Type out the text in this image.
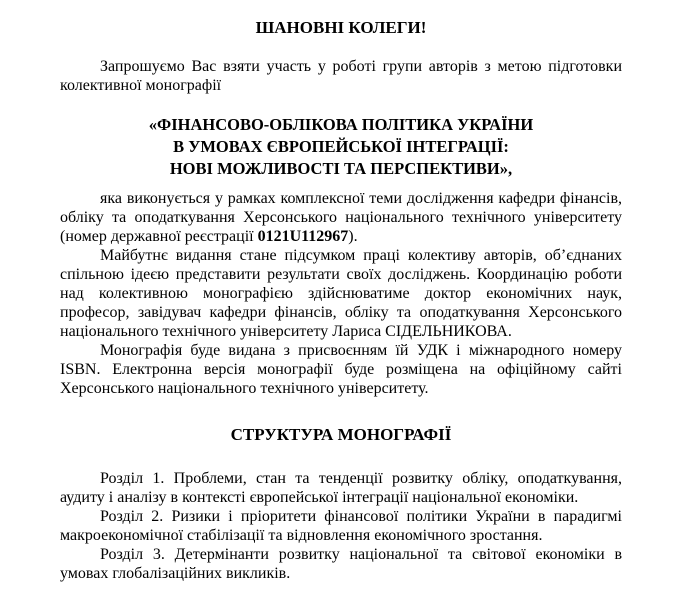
ШАНОВНІ КОЛЕГИ!

Запрошуємо Вас взяти участь у роботі групи авторів з метою підготовки колективної монографії

«ФІНАНСОВО-ОБЛІКОВА ПОЛІТИКА УКРАЇНИ
В УМОВАХ ЄВРОПЕЙСЬКОЇ ІНТЕГРАЦІЇ:
НОВІ МОЖЛИВОСТІ ТА ПЕРСПЕКТИВИ»,

яка виконується у рамках комплексної теми дослідження кафедри фінансів, обліку та оподаткування Херсонського національного технічного університету (номер державної реєстрації 0121U112967).

Майбутнє видання стане підсумком праці колективу авторів, об’єднаних спільною ідеєю представити результати своїх досліджень. Координацію роботи над колективною монографією здійснюватиме доктор економічних наук, професор, завідувач кафедри фінансів, обліку та оподаткування Херсонського національного технічного університету Лариса СІДЕЛЬНИКОВА.

Монографія буде видана з присвоєнням їй УДК і міжнародного номеру ISBN. Електронна версія монографії буде розміщена на офіційному сайті Херсонського національного технічного університету.

СТРУКТУРА МОНОГРАФІЇ

Розділ 1. Проблеми, стан та тенденції розвитку обліку, оподаткування, аудиту і аналізу в контексті європейської інтеграції національної економіки.

Розділ 2. Ризики і пріоритети фінансової політики України в парадигмі макроекономічної стабілізації та відновлення економічного зростання.

Розділ 3. Детермінанти розвитку національної та світової економіки в умовах глобалізаційних викликів.
